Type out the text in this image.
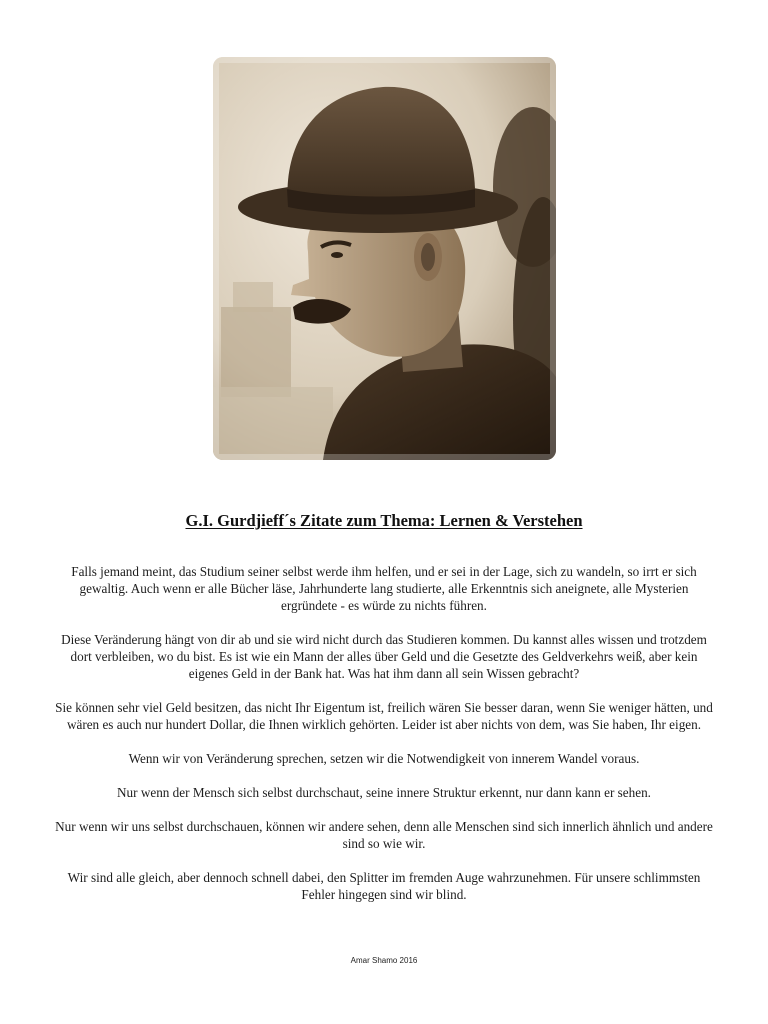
G.I. Gurdjieff´s Zitate zum Thema: Lernen & Verstehen

Falls jemand meint, das Studium seiner selbst werde ihm helfen, und er sei in der Lage, sich zu wandeln, so irrt er sich gewaltig. Auch wenn er alle Bücher läse, Jahrhunderte lang studierte, alle Erkenntnis sich aneignete, alle Mysterien ergründete - es würde zu nichts führen.

Diese Veränderung hängt von dir ab und sie wird nicht durch das Studieren kommen. Du kannst alles wissen und trotzdem dort verbleiben, wo du bist. Es ist wie ein Mann der alles über Geld und die Gesetzte des Geldverkehrs weiß, aber kein eigenes Geld in der Bank hat. Was hat ihm dann all sein Wissen gebracht?

Sie können sehr viel Geld besitzen, das nicht Ihr Eigentum ist, freilich wären Sie besser daran, wenn Sie weniger hätten, und wären es auch nur hundert Dollar, die Ihnen wirklich gehörten. Leider ist aber nichts von dem, was Sie haben, Ihr eigen.

Wenn wir von Veränderung sprechen, setzen wir die Notwendigkeit von innerem Wandel voraus.

Nur wenn der Mensch sich selbst durchschaut, seine innere Struktur erkennt, nur dann kann er sehen.

Nur wenn wir uns selbst durchschauen, können wir andere sehen, denn alle Menschen sind sich innerlich ähnlich und andere sind so wie wir.

Wir sind alle gleich, aber dennoch schnell dabei, den Splitter im fremden Auge wahrzunehmen. Für unsere schlimmsten Fehler hingegen sind wir blind.

Amar Shamo 2016
